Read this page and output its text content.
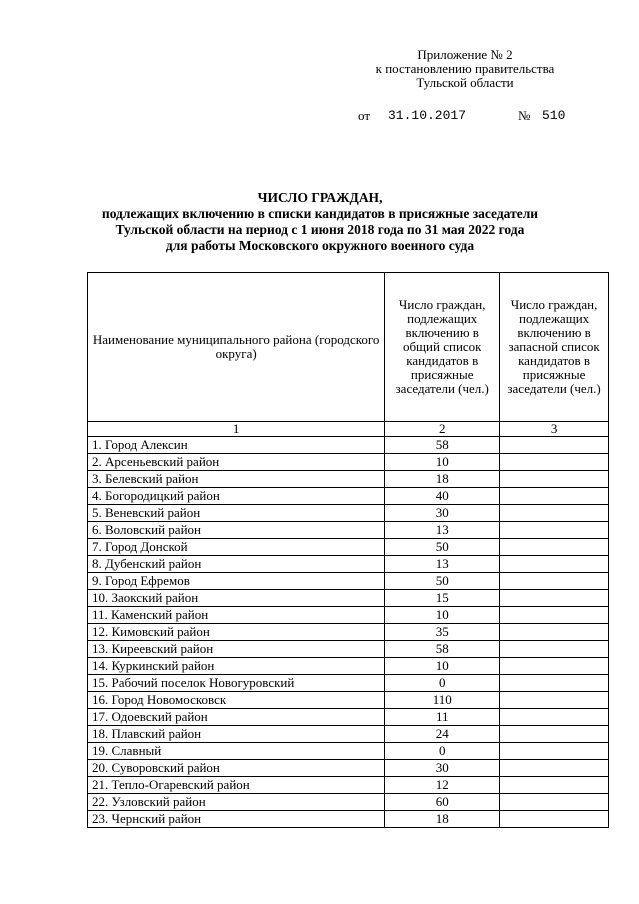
Приложение № 2
к постановлению правительства
Тульской области
от 31.10.2017	№ 510
ЧИСЛО ГРАЖДАН,
подлежащих включению в списки кандидатов в присяжные заседатели
Тульской области на период с 1 июня 2018 года по 31 мая 2022 года
для работы Московского окружного военного суда
Наименование муниципального района (городского округа)	Число граждан, подлежащих включению в общий список кандидатов в присяжные заседатели (чел.)	Число граждан, подлежащих включению в запасной список кандидатов в присяжные заседатели (чел.)
1	2	3
1. Город Алексин	58	
2. Арсеньевский район	10	
3. Белевский район	18	
4. Богородицкий район	40	
5. Веневский район	30	
6. Воловский район	13	
7. Город Донской	50	
8. Дубенский район	13	
9. Город Ефремов	50	
10. Заокский район	15	
11. Каменский район	10	
12. Кимовский район	35	
13. Киреевский район	58	
14. Куркинский район	10	
15. Рабочий поселок Новогуровский	0	
16. Город Новомосковск	110	
17. Одоевский район	11	
18. Плавский район	24	
19. Славный	0	
20. Суворовский район	30	
21. Тепло-Огаревский район	12	
22. Узловский район	60	
23. Чернский район	18	
